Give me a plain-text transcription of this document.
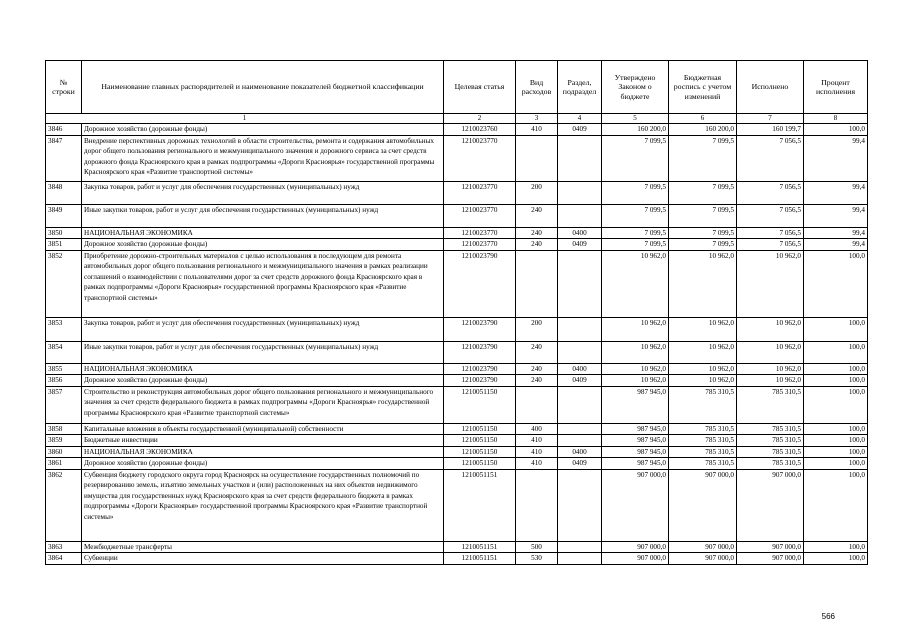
№ строки	Наименование главных распорядителей и наименование показателей бюджетной классификации	Целевая статья	Вид расходов	Раздел, подраздел	Утверждено Законом о бюджете	Бюджетная роспись с учетом изменений	Исполнено	Процент исполнения
1		2	3	4	5	6	7	8
3846	Дорожное хозяйство (дорожные фонды)	1210023760	410	0409	160 200,0	160 200,0	160 199,7	100,0
3847	Внедрение перспективных дорожных технологий в области строительства, ремонта и содержания автомобильных дорог общего пользования регионального и межмуниципального значения и дорожного сервиса за счет средств дорожного фонда Красноярского края в рамках подпрограммы «Дороги Красноярья» государственной программы Красноярского края «Развитие транспортной системы»	1210023770			7 099,5	7 099,5	7 056,5	99,4
3848	Закупка товаров, работ и услуг для обеспечения государственных (муниципальных) нужд	1210023770	200		7 099,5	7 099,5	7 056,5	99,4
3849	Иные закупки товаров, работ и услуг для обеспечения государственных (муниципальных) нужд	1210023770	240		7 099,5	7 099,5	7 056,5	99,4
3850	НАЦИОНАЛЬНАЯ ЭКОНОМИКА	1210023770	240	0400	7 099,5	7 099,5	7 056,5	99,4
3851	Дорожное хозяйство (дорожные фонды)	1210023770	240	0409	7 099,5	7 099,5	7 056,5	99,4
3852	Приобретение дорожно-строительных материалов с целью использования в последующем для ремонта автомобильных дорог общего пользования регионального и межмуниципального значения в рамках реализации соглашений о взаимодействии с пользователями дорог за счет средств дорожного фонда Красноярского края в рамках подпрограммы «Дороги Красноярья» государственной программы Красноярского края «Развитие транспортной системы»	1210023790			10 962,0	10 962,0	10 962,0	100,0
3853	Закупка товаров, работ и услуг для обеспечения государственных (муниципальных) нужд	1210023790	200		10 962,0	10 962,0	10 962,0	100,0
3854	Иные закупки товаров, работ и услуг для обеспечения государственных (муниципальных) нужд	1210023790	240		10 962,0	10 962,0	10 962,0	100,0
3855	НАЦИОНАЛЬНАЯ ЭКОНОМИКА	1210023790	240	0400	10 962,0	10 962,0	10 962,0	100,0
3856	Дорожное хозяйство (дорожные фонды)	1210023790	240	0409	10 962,0	10 962,0	10 962,0	100,0
3857	Строительство и реконструкция автомобильных дорог общего пользования регионального и межмуниципального значения за счет средств федерального бюджета в рамках подпрограммы «Дороги Красноярья» государственной программы Красноярского края «Развитие транспортной системы»	1210051150			987 945,0	785 310,5	785 310,5	100,0
3858	Капитальные вложения в объекты государственной (муниципальной) собственности	1210051150	400		987 945,0	785 310,5	785 310,5	100,0
3859	Бюджетные инвестиции	1210051150	410		987 945,0	785 310,5	785 310,5	100,0
3860	НАЦИОНАЛЬНАЯ ЭКОНОМИКА	1210051150	410	0400	987 945,0	785 310,5	785 310,5	100,0
3861	Дорожное хозяйство (дорожные фонды)	1210051150	410	0409	987 945,0	785 310,5	785 310,5	100,0
3862	Субвенция бюджету городского округа город Красноярск на осуществление государственных полномочий по резервированию земель, изъятию земельных участков и (или) расположенных на них объектов недвижимого имущества для государственных нужд Красноярского края за счет средств федерального бюджета в рамках подпрограммы «Дороги Красноярья» государственной программы Красноярского края «Развитие транспортной системы»	1210051151			907 000,0	907 000,0	907 000,0	100,0
3863	Межбюджетные трансферты	1210051151	500		907 000,0	907 000,0	907 000,0	100,0
3864	Субвенции	1210051151	530		907 000,0	907 000,0	907 000,0	100,0
566
